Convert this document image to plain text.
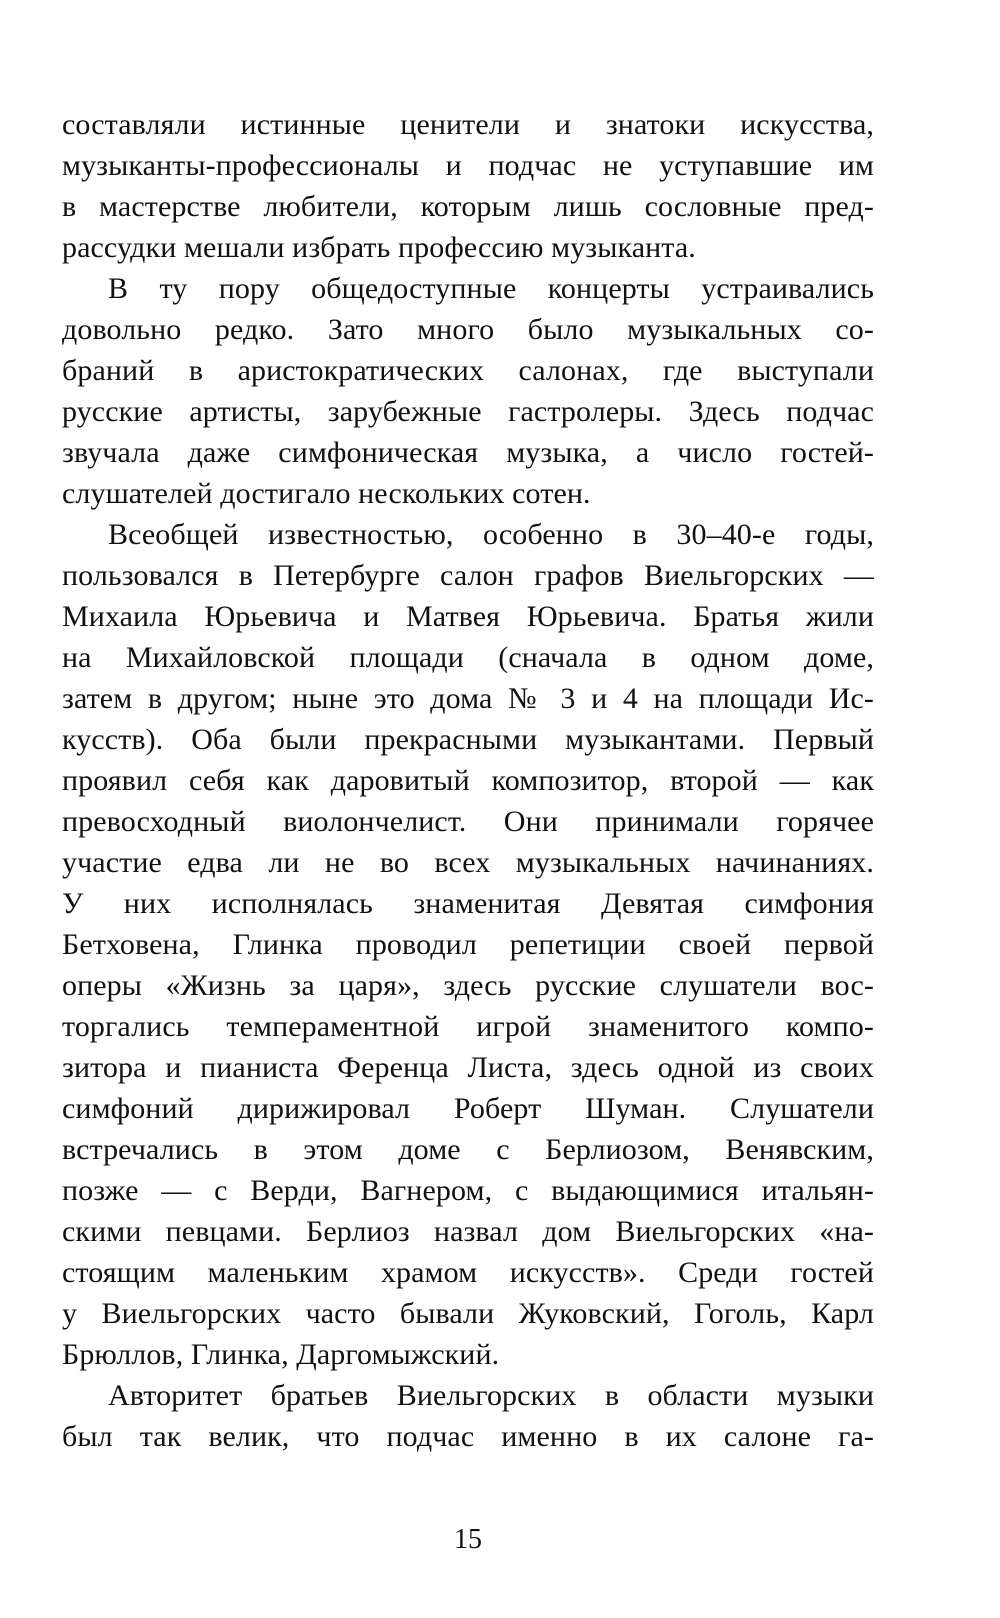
составляли истинные ценители и знатоки искусства,
музыканты-профессионалы и подчас не уступавшие им
в мастерстве любители, которым лишь сословные пред-
рассудки мешали избрать профессию музыканта.
В ту пору общедоступные концерты устраивались
довольно редко. Зато много было музыкальных со-
браний в аристократических салонах, где выступали
русские артисты, зарубежные гастролеры. Здесь подчас
звучала даже симфоническая музыка, а число гостей-
слушателей достигало нескольких сотен.
Всеобщей известностью, особенно в 30–40-е годы,
пользовался в Петербурге салон графов Виельгорских —
Михаила Юрьевича и Матвея Юрьевича. Братья жили
на Михайловской площади (сначала в одном доме,
затем в другом; ныне это дома № 3 и 4 на площади Ис-
кусств). Оба были прекрасными музыкантами. Первый
проявил себя как даровитый композитор, второй — как
превосходный виолончелист. Они принимали горячее
участие едва ли не во всех музыкальных начинаниях.
У них исполнялась знаменитая Девятая симфония
Бетховена, Глинка проводил репетиции своей первой
оперы «Жизнь за царя», здесь русские слушатели вос-
торгались темпераментной игрой знаменитого компо-
зитора и пианиста Ференца Листа, здесь одной из своих
симфоний дирижировал Роберт Шуман. Слушатели
встречались в этом доме с Берлиозом, Венявским,
позже — с Верди, Вагнером, с выдающимися итальян-
скими певцами. Берлиоз назвал дом Виельгорских «на-
стоящим маленьким храмом искусств». Среди гостей
у Виельгорских часто бывали Жуковский, Гоголь, Карл
Брюллов, Глинка, Даргомыжский.
Авторитет братьев Виельгорских в области музыки
был так велик, что подчас именно в их салоне га-
15
